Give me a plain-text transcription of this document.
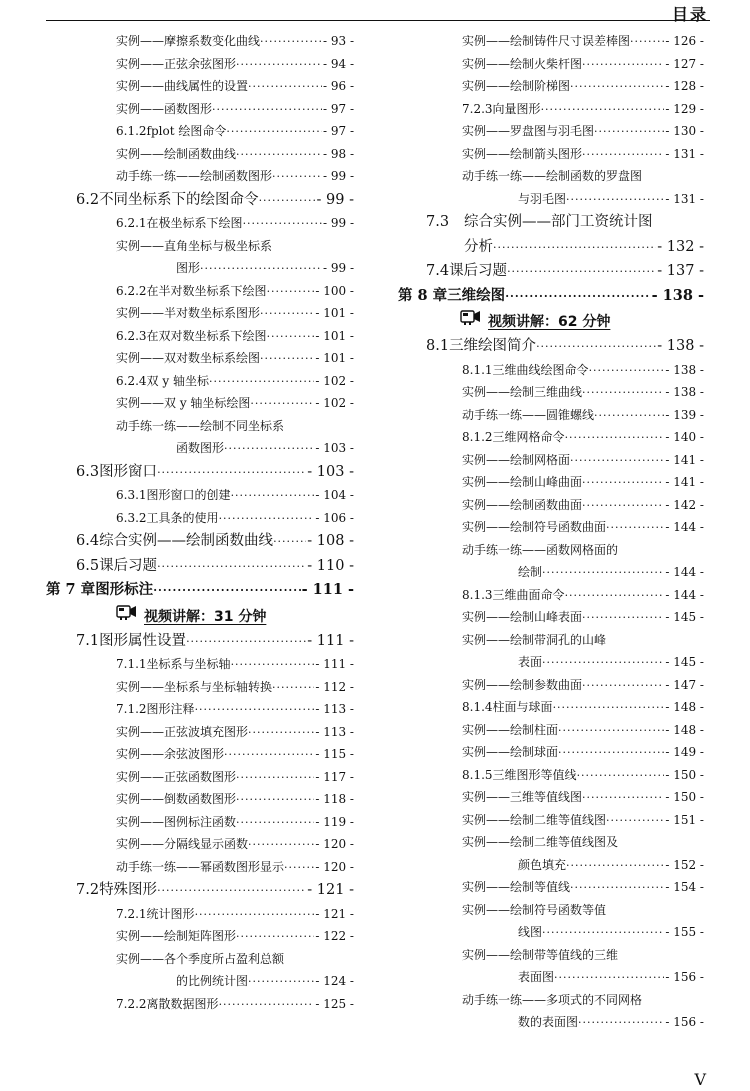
目录
实例——摩擦系数变化曲线 ·····	- 93 -
实例——正弦余弦图形 ·····	- 94 -
实例——曲线属性的设置 ·····	- 96 -
实例——函数图形 ·····	- 97 -
6.1.2 fplot 绘图命令 ·····	- 97 -
实例——绘制函数曲线 ·····	- 98 -
动手练一练——绘制函数图形 ·····	- 99 -
6.2 不同坐标系下的绘图命令 ·····	- 99 -
6.2.1 在极坐标系下绘图 ·····	- 99 -
实例——直角坐标与极坐标系
图形 ·····	- 99 -
6.2.2 在半对数坐标系下绘图 ·····	- 100 -
实例——半对数坐标系图形 ·····	- 101 -
6.2.3 在双对数坐标系下绘图 ·····	- 101 -
实例——双对数坐标系绘图 ·····	- 101 -
6.2.4 双 y 轴坐标 ·····	- 102 -
实例——双 y 轴坐标绘图 ·····	- 102 -
动手练一练——绘制不同坐标系
函数图形 ·····	- 103 -
6.3 图形窗口 ·····	- 103 -
6.3.1 图形窗口的创建 ·····	- 104 -
6.3.2 工具条的使用 ·····	- 106 -
6.4 综合实例——绘制函数曲线 ····· - 108 -
6.5 课后习题 ·····	- 110 -
第 7 章 图形标注 ·····	- 111 -
视频讲解：31 分钟
7.1 图形属性设置 ·····	- 111 -
7.1.1 坐标系与坐标轴 ·····	- 111 -
实例——坐标系与坐标轴转换 ·····	- 112 -
7.1.2 图形注释 ·····	- 113 -
实例——正弦波填充图形 ·····	- 113 -
实例——余弦波图形 ·····	- 115 -
实例——正弦函数图形 ·····	- 117 -
实例——倒数函数图形 ·····	- 118 -
实例——图例标注函数 ·····	- 119 -
实例——分隔线显示函数 ·····	- 120 -
动手练一练——幂函数图形显示 ·····	- 120 -
7.2 特殊图形 ·····	- 121 -
7.2.1 统计图形 ·····	- 121 -
实例——绘制矩阵图形 ·····	- 122 -
实例——各个季度所占盈利总额
的比例统计图 ·····	- 124 -
7.2.2 离散数据图形 ·····	- 125 -
实例——绘制铸件尺寸误差棒图 ·····	- 126 -
实例——绘制火柴杆图 ·····	- 127 -
实例——绘制阶梯图 ·····	- 128 -
7.2.3 向量图形 ·····	- 129 -
实例——罗盘图与羽毛图 ·····	- 130 -
实例——绘制箭头图形 ·····	- 131 -
动手练一练——绘制函数的罗盘图
与羽毛图 ·····	- 131 -
7.3	综合实例——部门工资统计图
分析 ·····	- 132 -
7.4 课后习题 ·····	- 137 -
第 8 章 三维绘图 ·····	- 138 -
视频讲解：62 分钟
8.1 三维绘图简介 ·····	- 138 -
8.1.1 三维曲线绘图命令 ·····	- 138 -
实例——绘制三维曲线 ·····	- 138 -
动手练一练——圆锥螺线 ·····	- 139 -
8.1.2 三维网格命令 ·····	- 140 -
实例——绘制网格面 ·····	- 141 -
实例——绘制山峰曲面 ·····	- 141 -
实例——绘制函数曲面 ·····	- 142 -
实例——绘制符号函数曲面 ·····	- 144 -
动手练一练——函数网格面的
绘制 ·····	- 144 -
8.1.3 三维曲面命令 ·····	- 144 -
实例——绘制山峰表面 ·····	- 145 -
实例——绘制带洞孔的山峰
表面 ·····	- 145 -
实例——绘制参数曲面 ·····	- 147 -
8.1.4 柱面与球面 ·····	- 148 -
实例——绘制柱面 ·····	- 148 -
实例——绘制球面 ·····	- 149 -
8.1.5 三维图形等值线 ·····	- 150 -
实例——三维等值线图 ·····	- 150 -
实例——绘制二维等值线图 ·····	- 151 -
实例——绘制二维等值线图及
颜色填充 ·····	- 152 -
实例——绘制等值线 ·····	- 154 -
实例——绘制符号函数等值
线图 ·····	- 155 -
实例——绘制带等值线的三维
表面图 ·····	- 156 -
动手练一练——多项式的不同网格
数的表面图 ·····	- 156 -
V
